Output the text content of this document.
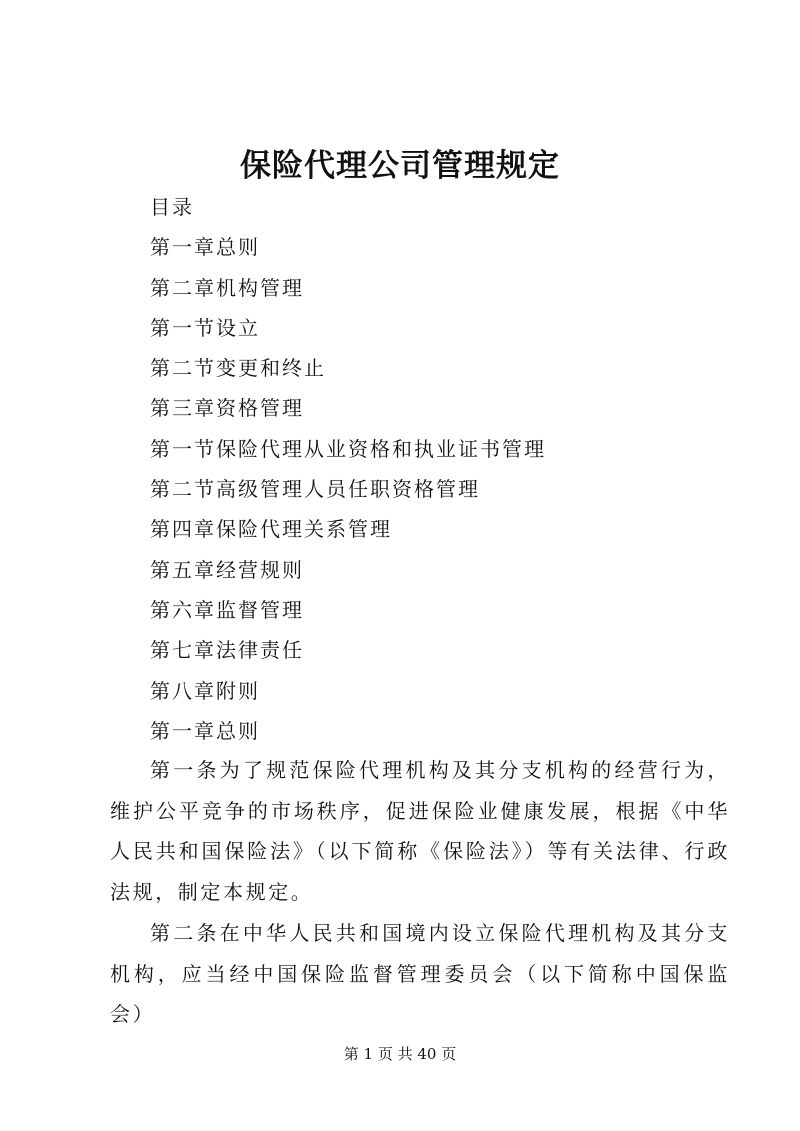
保险代理公司管理规定
目录
第一章总则
第二章机构管理
第一节设立
第二节变更和终止
第三章资格管理
第一节保险代理从业资格和执业证书管理
第二节高级管理人员任职资格管理
第四章保险代理关系管理
第五章经营规则
第六章监督管理
第七章法律责任
第八章附则
第一章总则

第一条为了规范保险代理机构及其分支机构的经营行为，维护公平竞争的市场秩序，促进保险业健康发展，根据《中华人民共和国保险法》（以下简称《保险法》）等有关法律、行政法规，制定本规定。

第二条在中华人民共和国境内设立保险代理机构及其分支机构，应当经中国保险监督管理委员会（以下简称中国保监会）

第 1 页 共 40 页
